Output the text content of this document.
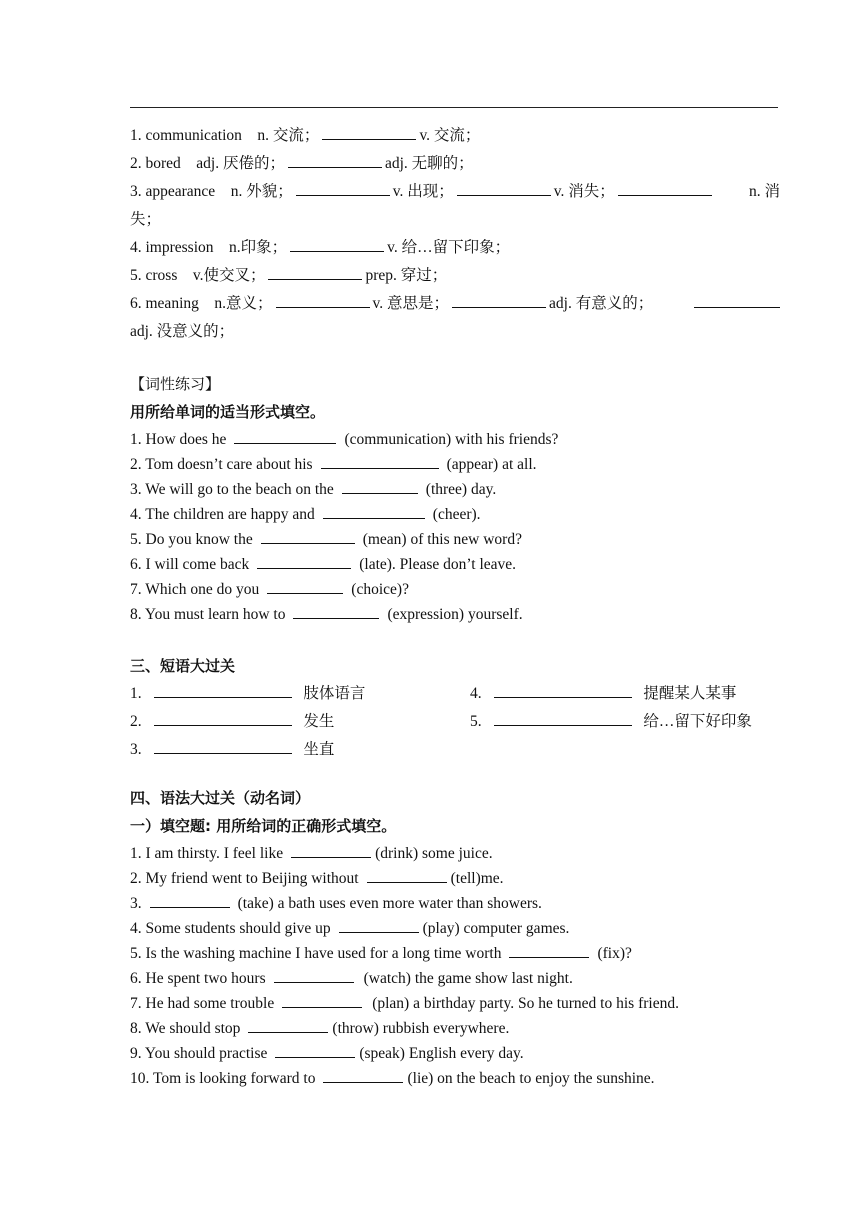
1. communication n. 交流；	v. 交流；
2. bored adj. 厌倦的；	adj. 无聊的；
3. appearance n. 外貌；	v. 出现；	v. 消失；	n. 消
失；
4. impression n.印象；	v. 给…留下印象；
5. cross v.使交叉；	prep. 穿过；
6. meaning n.意义；	v. 意思是；	adj. 有意义的；
adj. 没意义的；
【词性练习】
用所给单词的适当形式填空。
1. How does he	(communication) with his friends?
2. Tom doesn’t care about his	(appear) at all.
3. We will go to the beach on the	(three) day.
4. The children are happy and	(cheer).
5. Do you know the	(mean) of this new word?
6. I will come back	(late). Please don’t leave.
7. Which one do you	(choice)?
8. You must learn how to	(expression) yourself.
三、短语大过关
1.	肢体语言
2.	发生
3.	坐直
4.	提醒某人某事
5.	给…留下好印象
四、语法大过关（动名词）
一）填空题: 用所给词的正确形式填空。
1. I am thirsty. I feel like	(drink) some juice.
2. My friend went to Beijing without	(tell)me.
3.	(take) a bath uses even more water than showers.
4. Some students should give up	(play) computer games.
5. Is the washing machine I have used for a long time worth	(fix)?
6. He spent two hours	(watch) the game show last night.
7. He had some trouble	(plan) a birthday party. So he turned to his friend.
8. We should stop	(throw) rubbish everywhere.
9. You should practise	(speak) English every day.
10. Tom is looking forward to	(lie) on the beach to enjoy the sunshine.
